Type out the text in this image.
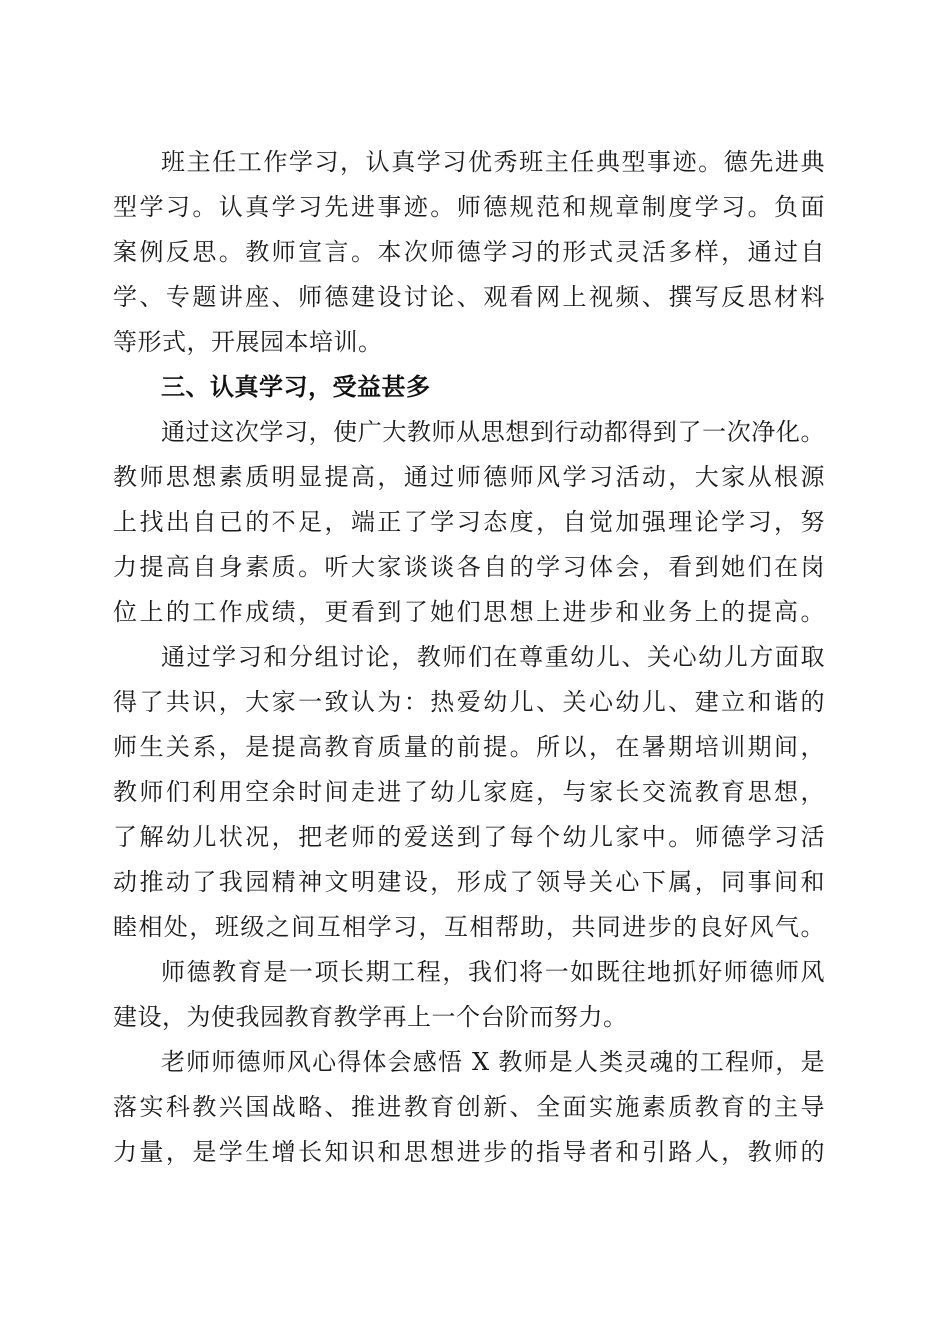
班主任工作学习，认真学习优秀班主任典型事迹。德先进典
型学习。认真学习先进事迹。师德规范和规章制度学习。负面
案例反思。教师宣言。本次师德学习的形式灵活多样，通过自
学、专题讲座、师德建设讨论、观看网上视频、撰写反思材料
等形式，开展园本培训。
三、认真学习，受益甚多
通过这次学习，使广大教师从思想到行动都得到了一次净化。
教师思想素质明显提高，通过师德师风学习活动，大家从根源
上找出自已的不足，端正了学习态度，自觉加强理论学习，努
力提高自身素质。听大家谈谈各自的学习体会，看到她们在岗
位上的工作成绩，更看到了她们思想上进步和业务上的提高。
通过学习和分组讨论，教师们在尊重幼儿、关心幼儿方面取
得了共识，大家一致认为：热爱幼儿、关心幼儿、建立和谐的
师生关系，是提高教育质量的前提。所以，在暑期培训期间，
教师们利用空余时间走进了幼儿家庭，与家长交流教育思想，
了解幼儿状况，把老师的爱送到了每个幼儿家中。师德学习活
动推动了我园精神文明建设，形成了领导关心下属，同事间和
睦相处，班级之间互相学习，互相帮助，共同进步的良好风气。
师德教育是一项长期工程，我们将一如既往地抓好师德师风
建设，为使我园教育教学再上一个台阶而努力。
老师师德师风心得体会感悟 X 教师是人类灵魂的工程师，是
落实科教兴国战略、推进教育创新、全面实施素质教育的主导
力量，是学生增长知识和思想进步的指导者和引路人，教师的
